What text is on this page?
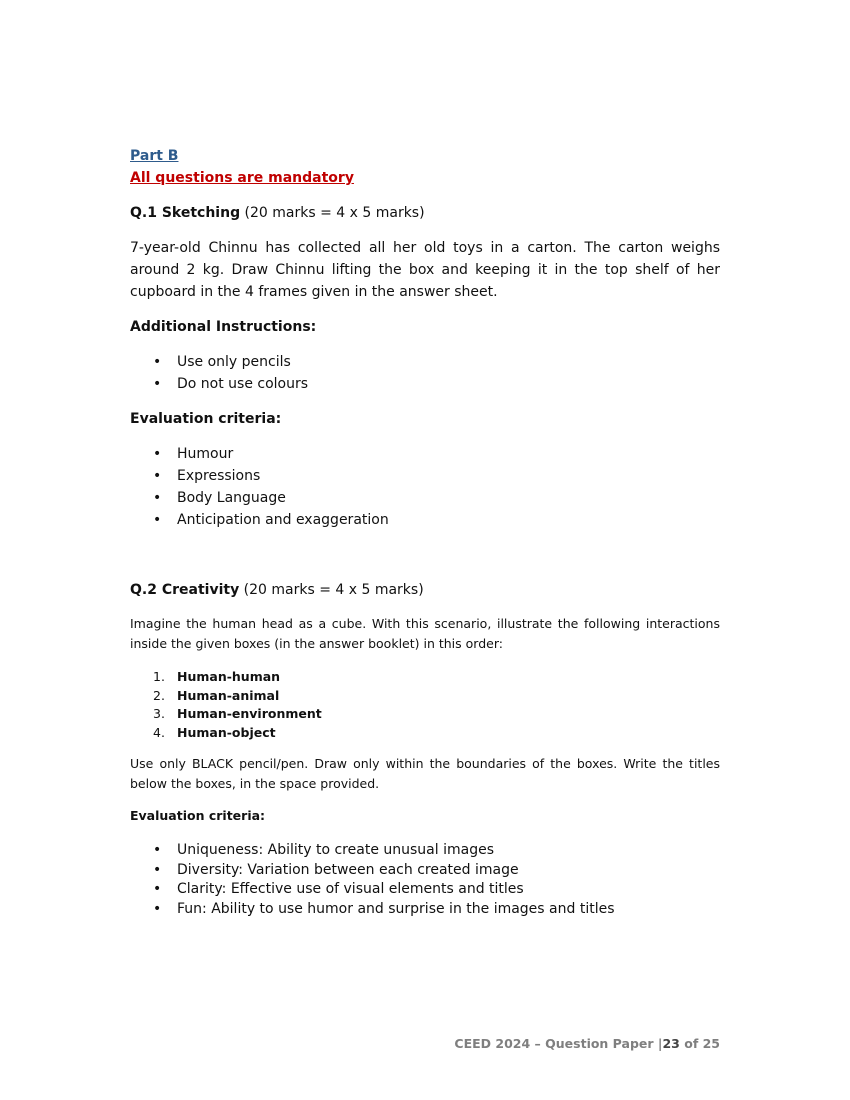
Part B
All questions are mandatory
Q.1 Sketching (20 marks = 4 x 5 marks)
7-year-old Chinnu has collected all her old toys in a carton. The carton weighs around 2 kg. Draw Chinnu lifting the box and keeping it in the top shelf of her cupboard in the 4 frames given in the answer sheet.
Additional Instructions:
• Use only pencils
• Do not use colours
Evaluation criteria:
• Humour
• Expressions
• Body Language
• Anticipation and exaggeration
Q.2 Creativity (20 marks = 4 x 5 marks)
Imagine the human head as a cube. With this scenario, illustrate the following interactions inside the given boxes (in the answer booklet) in this order:
1. Human-human
2. Human-animal
3. Human-environment
4. Human-object
Use only BLACK pencil/pen. Draw only within the boundaries of the boxes. Write the titles below the boxes, in the space provided.
Evaluation criteria:
• Uniqueness: Ability to create unusual images
• Diversity: Variation between each created image
• Clarity: Effective use of visual elements and titles
• Fun: Ability to use humor and surprise in the images and titles
CEED 2024 – Question Paper |23 of 25
